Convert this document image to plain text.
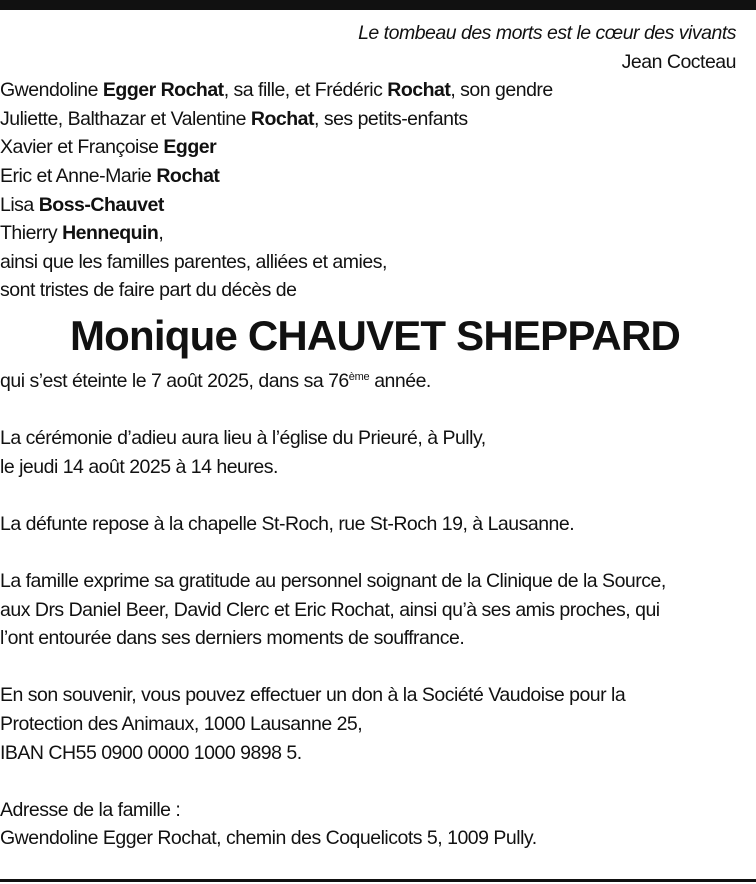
Le tombeau des morts est le cœur des vivants
Jean Cocteau

Gwendoline Egger Rochat, sa fille, et Frédéric Rochat, son gendre

Juliette, Balthazar et Valentine Rochat, ses petits-enfants

Xavier et Françoise Egger

Eric et Anne-Marie Rochat

Lisa Boss-Chauvet

Thierry Hennequin,

ainsi que les familles parentes, alliées et amies,

sont tristes de faire part du décès de

Monique CHAUVET SHEPPARD

qui s’est éteinte le 7 août 2025, dans sa 76ème année.

La cérémonie d’adieu aura lieu à l’église du Prieuré, à Pully,
le jeudi 14 août 2025 à 14 heures.

La défunte repose à la chapelle St-Roch, rue St-Roch 19, à Lausanne.

La famille exprime sa gratitude au personnel soignant de la Clinique de la Source,
aux Drs Daniel Beer, David Clerc et Eric Rochat, ainsi qu’à ses amis proches, qui
l’ont entourée dans ses derniers moments de souffrance.

En son souvenir, vous pouvez effectuer un don à la Société Vaudoise pour la
Protection des Animaux, 1000 Lausanne 25,
IBAN CH55 0900 0000 1000 9898 5.

Adresse de la famille :
Gwendoline Egger Rochat, chemin des Coquelicots 5, 1009 Pully.
